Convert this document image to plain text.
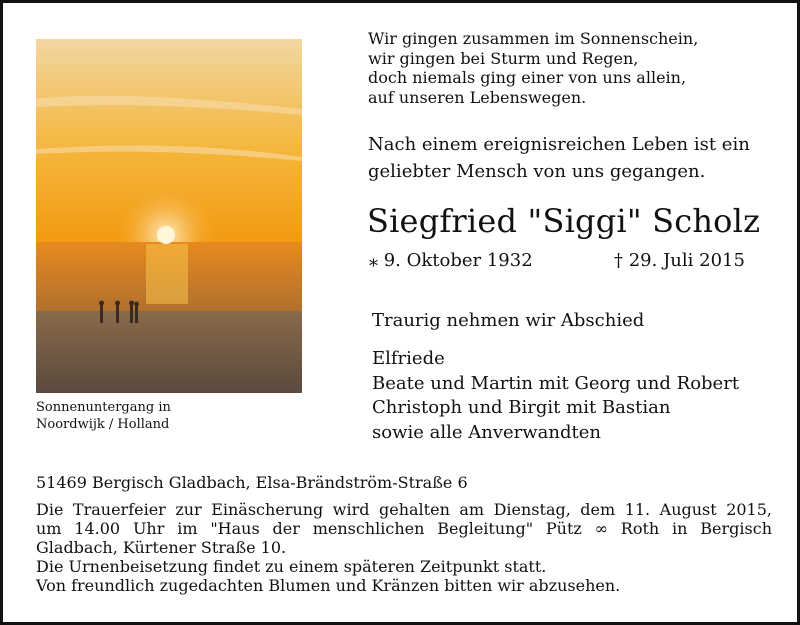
Sonnenuntergang in
Noordwijk / Holland
Wir gingen zusammen im Sonnenschein,
wir gingen bei Sturm und Regen,
doch niemals ging einer von uns allein,
auf unseren Lebenswegen.
Nach einem ereignisreichen Leben ist ein
geliebter Mensch von uns gegangen.
Siegfried "Siggi" Scholz
⁎ 9. Oktober 1932	† 29. Juli 2015
Traurig nehmen wir Abschied
Elfriede
Beate und Martin mit Georg und Robert
Christoph und Birgit mit Bastian
sowie alle Anverwandten
51469 Bergisch Gladbach, Elsa-Brändström-Straße 6
Die Trauerfeier zur Einäscherung wird gehalten am Dienstag, dem 11. August 2015,
um 14.00 Uhr im "Haus der menschlichen Begleitung" Pütz ∞ Roth in Bergisch
Gladbach, Kürtener Straße 10.
Die Urnenbeisetzung findet zu einem späteren Zeitpunkt statt.
Von freundlich zugedachten Blumen und Kränzen bitten wir abzusehen.
